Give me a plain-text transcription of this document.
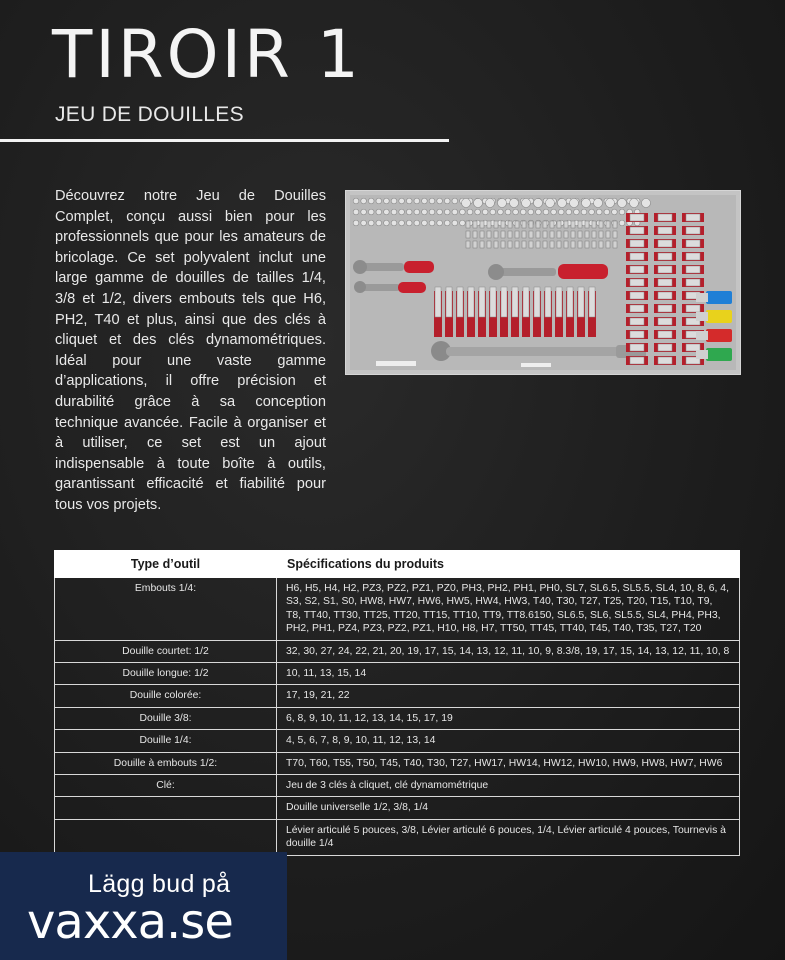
TIROIR 1
JEU DE DOUILLES

Découvrez notre Jeu de Douilles Complet, conçu aussi bien pour les professionnels que pour les amateurs de bricolage. Ce set polyvalent inclut une large gamme de douilles de tailles 1/4, 3/8 et 1/2, divers embouts tels que H6, PH2, T40 et plus, ainsi que des clés à cliquet et des clés dynamométriques. Idéal pour une vaste gamme d’applications, il offre précision et durabilité grâce à sa conception technique avancée. Facile à organiser et à utiliser, ce set est un ajout indispensable à toute boîte à outils, garantissant efficacité et fiabilité pour tous vos projets.

Type d’outil	Spécifications du produits
Embouts 1/4:	H6, H5, H4, H2, PZ3, PZ2, PZ1, PZ0, PH3, PH2, PH1, PH0, SL7, SL6.5, SL5.5, SL4, 10, 8, 6, 4, S3, S2, S1, S0, HW8, HW7, HW6, HW5, HW4, HW3, T40, T30, T27, T25, T20, T15, T10, T9, T8, TT40, TT30, TT25, TT20, TT15, TT10, TT9, TT8.6150, SL6.5, SL6, SL5.5, SL4, PH4, PH3, PH2, PH1, PZ4, PZ3, PZ2, PZ1, H10, H8, H7, TT50, TT45, TT40, T45, T40, T35, T27, T20
Douille courtet: 1/2	32, 30, 27, 24, 22, 21, 20, 19, 17, 15, 14, 13, 12, 11, 10, 9, 8.3/8, 19, 17, 15, 14, 13, 12, 11, 10, 8
Douille longue: 1/2	10, 11, 13, 15, 14
Douille colorée:	17, 19, 21, 22
Douille 3/8:	6, 8, 9, 10, 11, 12, 13, 14, 15, 17, 19
Douille 1/4:	4, 5, 6, 7, 8, 9, 10, 11, 12, 13, 14
Douille à embouts 1/2:	T70, T60, T55, T50, T45, T40, T30, T27, HW17, HW14, HW12, HW10, HW9, HW8, HW7, HW6
Clé:	Jeu de 3 clés à cliquet, clé dynamométrique
	Douille universelle 1/2, 3/8, 1/4
	Lévier articulé 5 pouces, 3/8, Lévier articulé 6 pouces, 1/4, Lévier articulé 4 pouces, Tournevis à douille 1/4

Lägg bud på

vaxxa.se
